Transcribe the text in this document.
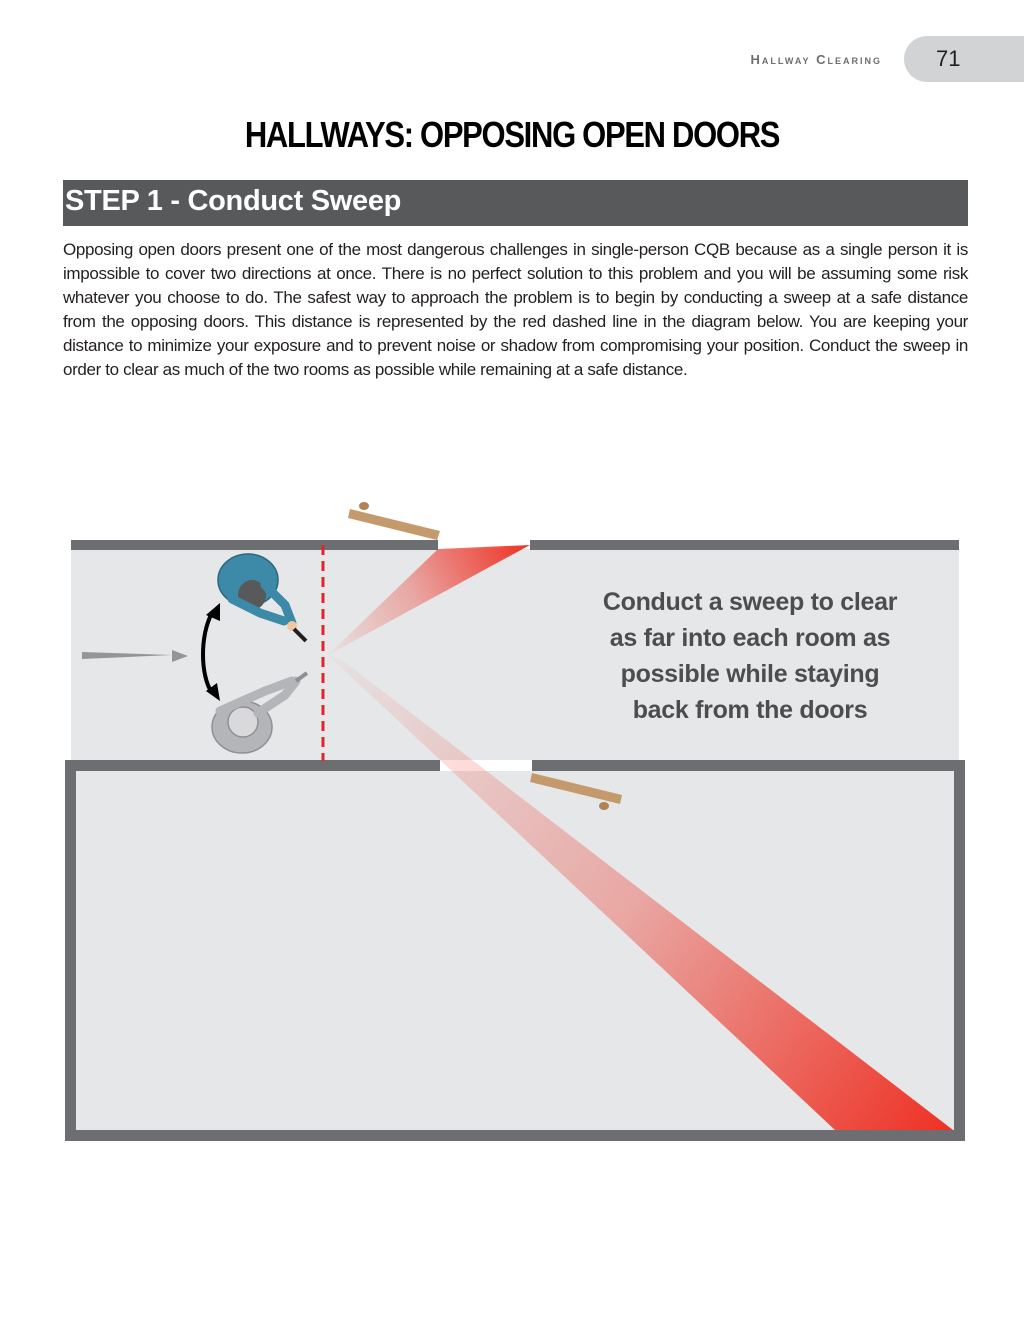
Hallway Clearing 71
HALLWAYS: OPPOSING OPEN DOORS
STEP 1 - Conduct Sweep

Opposing open doors present one of the most dangerous challenges in single-person CQB because as a single person it is impossible to cover two directions at once. There is no perfect solution to this problem and you will be assuming some risk whatever you choose to do. The safest way to approach the problem is to begin by conducting a sweep at a safe distance from the opposing doors. This distance is represented by the red dashed line in the diagram below. You are keeping your distance to minimize your exposure and to prevent noise or shadow from compromising your position. Conduct the sweep in order to clear as much of the two rooms as possible while remaining at a safe distance.

Conduct a sweep to clear
as far into each room as
possible while staying
back from the doors
